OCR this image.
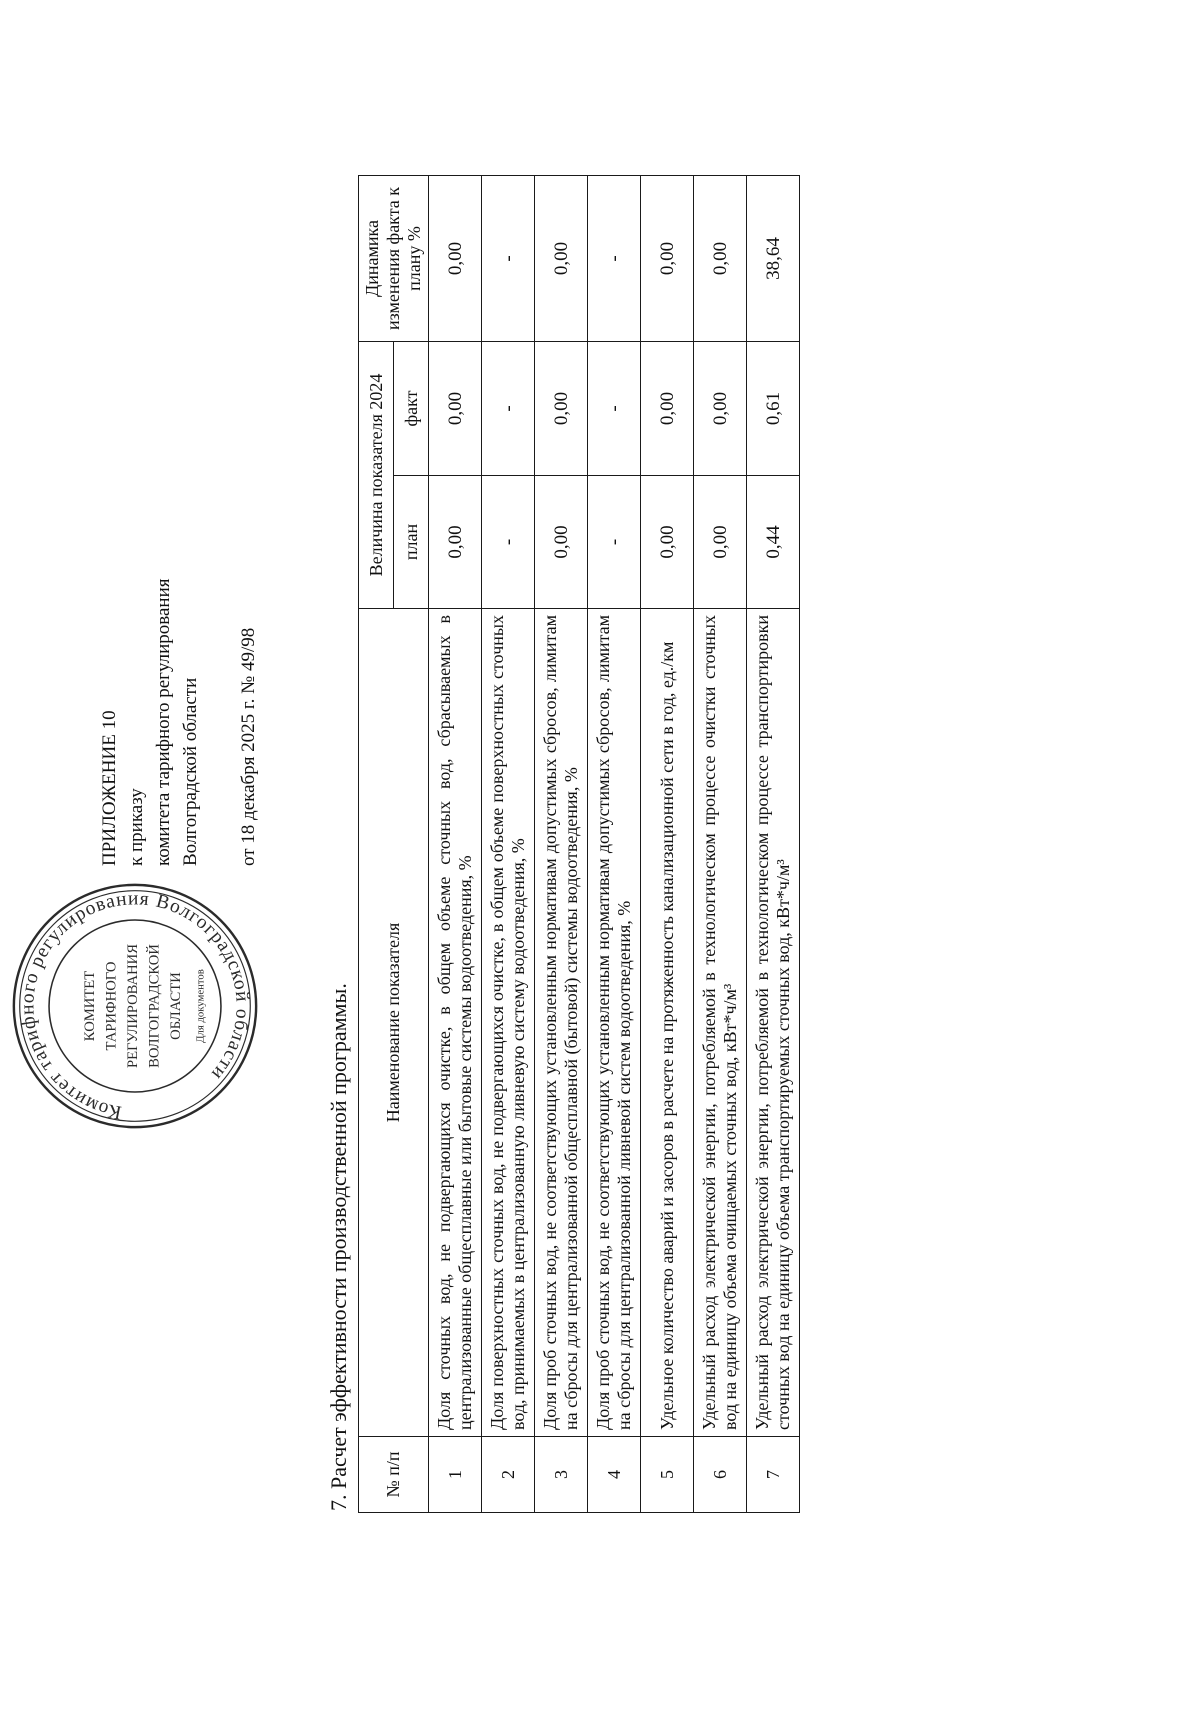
Комитет тарифного регулирования Волгоградской области
КОМИТЕТ ТАРИФНОГО РЕГУЛИРОВАНИЯ ВОЛГОГРАДСКОЙ ОБЛАСТИ Для документов
ПРИЛОЖЕНИЕ 10 к приказу комитета тарифного регулирования Волгоградской области от 18 декабря 2025 г. № 49/98
7. Расчет эффективности производственной программы. № п/п	Наименование показателя	Величина показателя 2024		Динамика изменения факта к плану %
		план	факт	
1	Доля сточных вод, не подвергающихся очистке, в общем объеме сточных вод, сбрасываемых в централизованные общесплавные или бытовые системы водоотведения, %	0,00	0,00	0,00
2	Доля поверхностных сточных вод, не подвергающихся очистке, в общем объеме поверхностных сточных вод, принимаемых в централизованную ливневую систему водоотведения, %	-	-	-
3	Доля проб сточных вод, не соответствующих установленным нормативам допустимых сбросов, лимитам на сбросы для централизованной общесплавной (бытовой) системы водоотведения, %	0,00	0,00	0,00
4	Доля проб сточных вод, не соответствующих установленным нормативам допустимых сбросов, лимитам на сбросы для централизованной ливневой систем водоотведения, %	-	-	-
5	Удельное количество аварий и засоров в расчете на протяженность канализационной сети в год, ед./км	0,00	0,00	0,00
6	Удельный расход электрической энергии, потребляемой в технологическом процессе очистки сточных вод на единицу объема очищаемых сточных вод, кВт*ч/м³	0,00	0,00	0,00
7	Удельный расход электрической энергии, потребляемой в технологическом процессе транспортировки сточных вод на единицу объема транспортируемых сточных вод, кВт*ч/м³	0,44	0,61	38,64
